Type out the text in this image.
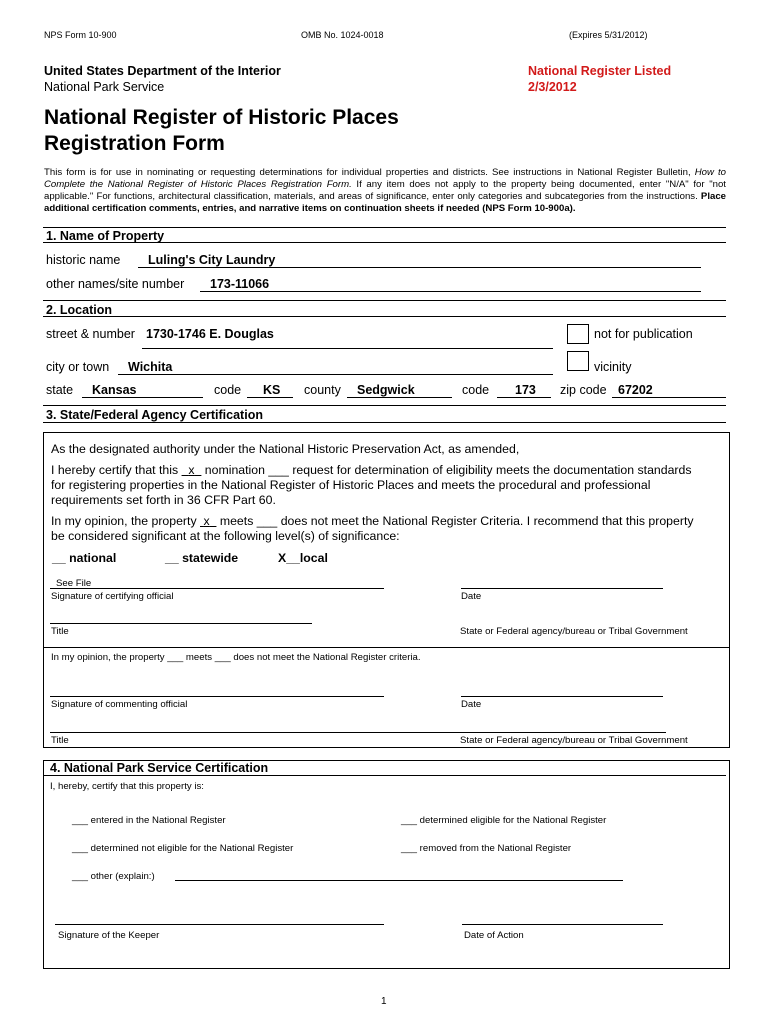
NPS Form 10-900	OMB No. 1024-0018	(Expires 5/31/2012)
United States Department of the Interior
National Park Service
National Register Listed
2/3/2012
National Register of Historic Places
Registration Form
This form is for use in nominating or requesting determinations for individual properties and districts. See instructions in National Register Bulletin, How to Complete the National Register of Historic Places Registration Form. If any item does not apply to the property being documented, enter "N/A" for "not applicable." For functions, architectural classification, materials, and areas of significance, enter only categories and subcategories from the instructions. Place additional certification comments, entries, and narrative items on continuation sheets if needed (NPS Form 10-900a).
1. Name of Property
historic name Luling's City Laundry
other names/site number 173-11066
2. Location
street & number 1730-1746 E. Douglas	not for publication
city or town Wichita	vicinity
state Kansas	code KS county Sedgwick	code 173 zip code 67202
3. State/Federal Agency Certification
As the designated authority under the National Historic Preservation Act, as amended,
I hereby certify that this   x   nomination ___ request for determination of eligibility meets the documentation standards
for registering properties in the National Register of Historic Places and meets the procedural and professional
requirements set forth in 36 CFR Part 60.
In my opinion, the property  x   meets ___ does not meet the National Register Criteria. I recommend that this property
be considered significant at the following level(s) of significance:
__ national	__ statewide	X__local
See File
Signature of certifying official	Date
Title	State or Federal agency/bureau or Tribal Government
In my opinion, the property ___ meets ___ does not meet the National Register criteria.
Signature of commenting official	Date
Title	State or Federal agency/bureau or Tribal Government
4. National Park Service Certification
I, hereby, certify that this property is:
___ entered in the National Register	___ determined eligible for the National Register
___ determined not eligible for the National Register	___ removed from the National Register
___ other (explain:)
Signature of the Keeper	Date of Action
1
